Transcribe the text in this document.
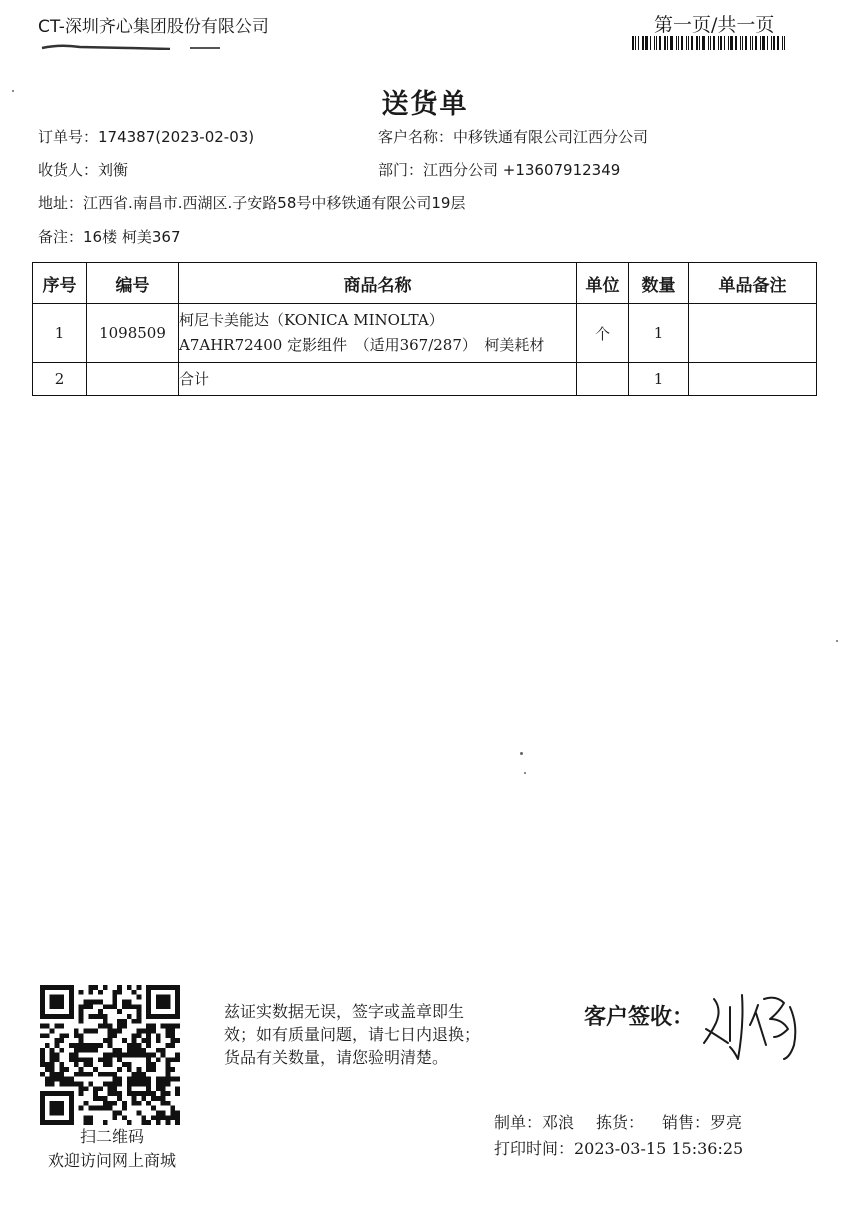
CT-深圳齐心集团股份有限公司	第一页/共一页
送货单
订单号：174387(2023-02-03)	客户名称：中移铁通有限公司江西分公司
收货人：刘衡	部门：江西分公司 +13607912349
地址：江西省.南昌市.西湖区.子安路58号中移铁通有限公司19层
备注：16楼 柯美367
序号	编号	商品名称	单位	数量	单品备注
1	1098509	柯尼卡美能达（KONICA MINOLTA）
A7AHR72400 定影组件　（适用367/287）　柯美耗材	个	1	
2		合计		1	
扫二维码
欢迎访问网上商城
兹证实数据无误，签字或盖章即生
效；如有质量问题，请七日内退换；
货品有关数量，请您验明清楚。
客户签收：
制单：邓浪 拣货： 销售：罗亮
打印时间：2023-03-15 15:36:25
